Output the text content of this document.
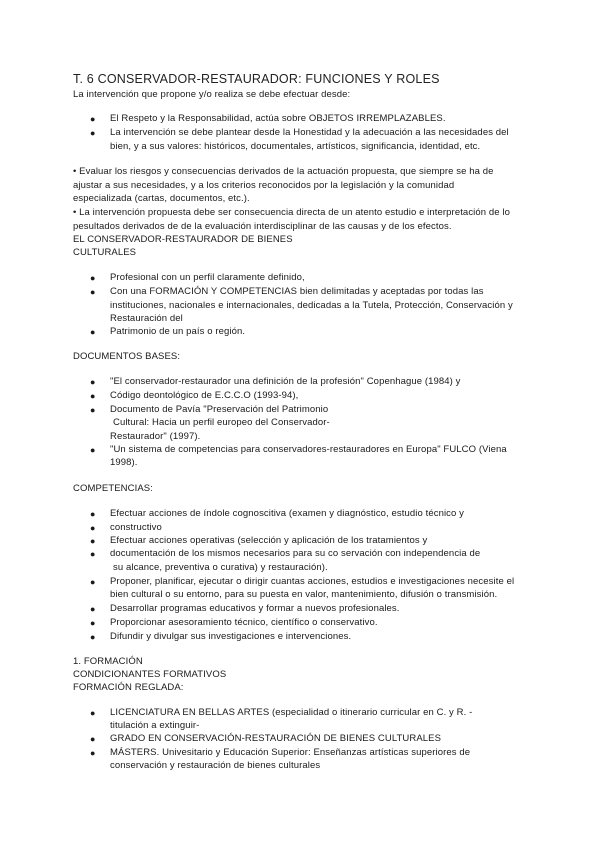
T. 6 CONSERVADOR-RESTAURADOR: FUNCIONES Y ROLES
La intervención que propone y/o realiza se debe efectuar desde:
● El Respeto y la Responsabilidad, actúa sobre OBJETOS IRREMPLAZABLES.
● La intervención se debe plantear desde la Honestidad y la adecuación a las necesidades del
bien, y a sus valores: históricos, documentales, artísticos, significancia, identidad, etc.
• Evaluar los riesgos y consecuencias derivados de la actuación propuesta, que siempre se ha de
ajustar a sus necesidades, y a los criterios reconocidos por la legislación y la comunidad
especializada (cartas, documentos, etc.).
• La intervención propuesta debe ser consecuencia directa de un atento estudio e interpretación de lo
pesultados derivados de de la evaluación interdisciplinar de las causas y de los efectos.
EL CONSERVADOR-RESTAURADOR DE BIENES
CULTURALES
● Profesional con un perfil claramente definido,
● Con una FORMACIÓN Y COMPETENCIAS bien delimitadas y aceptadas por todas las
instituciones, nacionales e internacionales, dedicadas a la Tutela, Protección, Conservación y
Restauración del
● Patrimonio de un país o región.
DOCUMENTOS BASES:
● "El conservador-restaurador una definición de la profesión" Copenhague (1984) y
● Código deontológico de E.C.C.O (1993-94),
● Documento de Pavía "Preservación del Patrimonio
Cultural: Hacia un perfil europeo del Conservador-
Restaurador" (1997).
● "Un sistema de competencias para conservadores-restauradores en Europa" FULCO (Viena
1998).
COMPETENCIAS:
● Efectuar acciones de índole cognoscitiva (examen y diagnóstico, estudio técnico y
● constructivo
● Efectuar acciones operativas (selección y aplicación de los tratamientos y
● documentación de los mismos necesarios para su co servación con independencia de
su alcance, preventiva o curativa) y restauración).
● Proponer, planificar, ejecutar o dirigir cuantas acciones, estudios e investigaciones necesite el
bien cultural o su entorno, para su puesta en valor, mantenimiento, difusión o transmisión.
● Desarrollar programas educativos y formar a nuevos profesionales.
● Proporcionar asesoramiento técnico, científico o conservativo.
● Difundir y divulgar sus investigaciones e intervenciones.
1. FORMACIÓN
CONDICIONANTES FORMATIVOS
FORMACIÓN REGLADA:
● LICENCIATURA EN BELLAS ARTES (especialidad o itinerario curricular en C. y R. -
titulación a extinguir-
● GRADO EN CONSERVACIÓN-RESTAURACIÓN DE BIENES CULTURALES
● MÁSTERS. Univesitario y Educación Superior: Enseñanzas artísticas superiores de
conservación y restauración de bienes culturales
